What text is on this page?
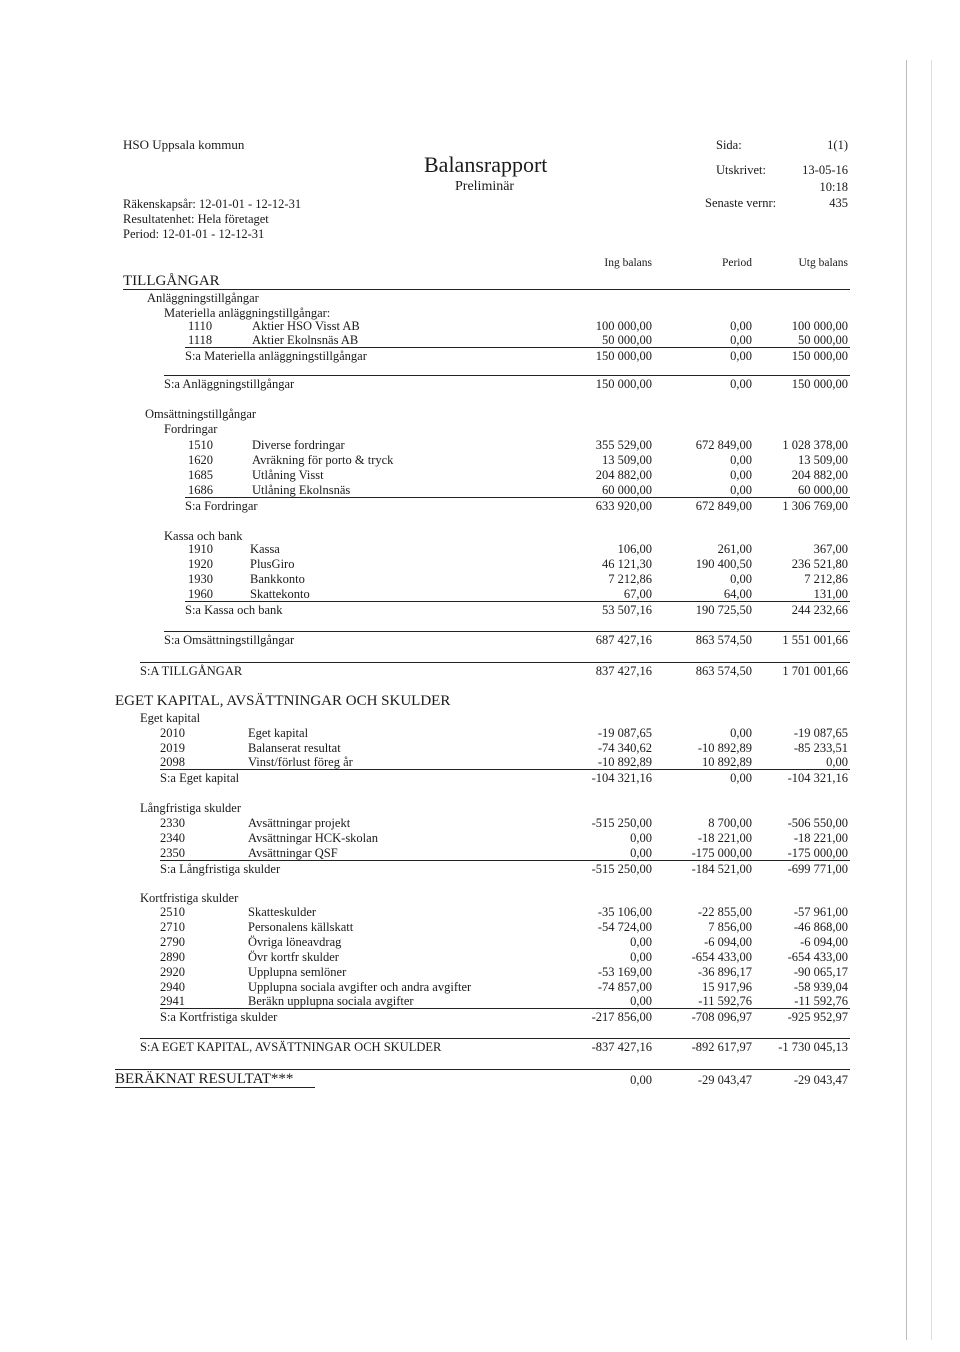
HSO Uppsala kommun
Balansrapport
Preliminär
Räkenskapsår: 12-01-01 - 12-12-31
Resultatenhet: Hela företaget
Period: 12-01-01 - 12-12-31
Sida:	1(1)
Utskrivet:	13-05-16
10:18
Senaste vernr:	435
Ing balans	Period	Utg balans
TILLGÅNGAR
Anläggningstillgångar
Materiella anläggningstillgångar:
1110	Aktier HSO Visst AB	100 000,00	0,00	100 000,00
1118	Aktier Ekolnsnäs AB	50 000,00	0,00	50 000,00
S:a Materiella anläggningstillgångar	150 000,00	0,00	150 000,00
S:a Anläggningstillgångar	150 000,00	0,00	150 000,00
Omsättningstillgångar
Fordringar
1510	Diverse fordringar	355 529,00	672 849,00	1 028 378,00
1620	Avräkning för porto & tryck	13 509,00	0,00	13 509,00
1685	Utlåning Visst	204 882,00	0,00	204 882,00
1686	Utlåning Ekolnsnäs	60 000,00	0,00	60 000,00
S:a Fordringar	633 920,00	672 849,00	1 306 769,00
Kassa och bank
1910	Kassa	106,00	261,00	367,00
1920	PlusGiro	46 121,30	190 400,50	236 521,80
1930	Bankkonto	7 212,86	0,00	7 212,86
1960	Skattekonto	67,00	64,00	131,00
S:a Kassa och bank	53 507,16	190 725,50	244 232,66
S:a Omsättningstillgångar	687 427,16	863 574,50	1 551 001,66
S:A TILLGÅNGAR	837 427,16	863 574,50	1 701 001,66
EGET KAPITAL, AVSÄTTNINGAR OCH SKULDER
Eget kapital
2010	Eget kapital	-19 087,65	0,00	-19 087,65
2019	Balanserat resultat	-74 340,62	-10 892,89	-85 233,51
2098	Vinst/förlust föreg år	-10 892,89	10 892,89	0,00
S:a Eget kapital	-104 321,16	0,00	-104 321,16
Långfristiga skulder
2330	Avsättningar projekt	-515 250,00	8 700,00	-506 550,00
2340	Avsättningar HCK-skolan	0,00	-18 221,00	-18 221,00
2350	Avsättningar QSF	0,00	-175 000,00	-175 000,00
S:a Långfristiga skulder	-515 250,00	-184 521,00	-699 771,00
Kortfristiga skulder
2510	Skatteskulder	-35 106,00	-22 855,00	-57 961,00
2710	Personalens källskatt	-54 724,00	7 856,00	-46 868,00
2790	Övriga löneavdrag	0,00	-6 094,00	-6 094,00
2890	Övr kortfr skulder	0,00	-654 433,00	-654 433,00
2920	Upplupna semlöner	-53 169,00	-36 896,17	-90 065,17
2940	Upplupna sociala avgifter och andra avgifter	-74 857,00	15 917,96	-58 939,04
2941	Beräkn upplupna sociala avgifter	0,00	-11 592,76	-11 592,76
S:a Kortfristiga skulder	-217 856,00	-708 096,97	-925 952,97
S:A EGET KAPITAL, AVSÄTTNINGAR OCH SKULDER	-837 427,16	-892 617,97	-1 730 045,13
BERÄKNAT RESULTAT***	0,00	-29 043,47	-29 043,47
